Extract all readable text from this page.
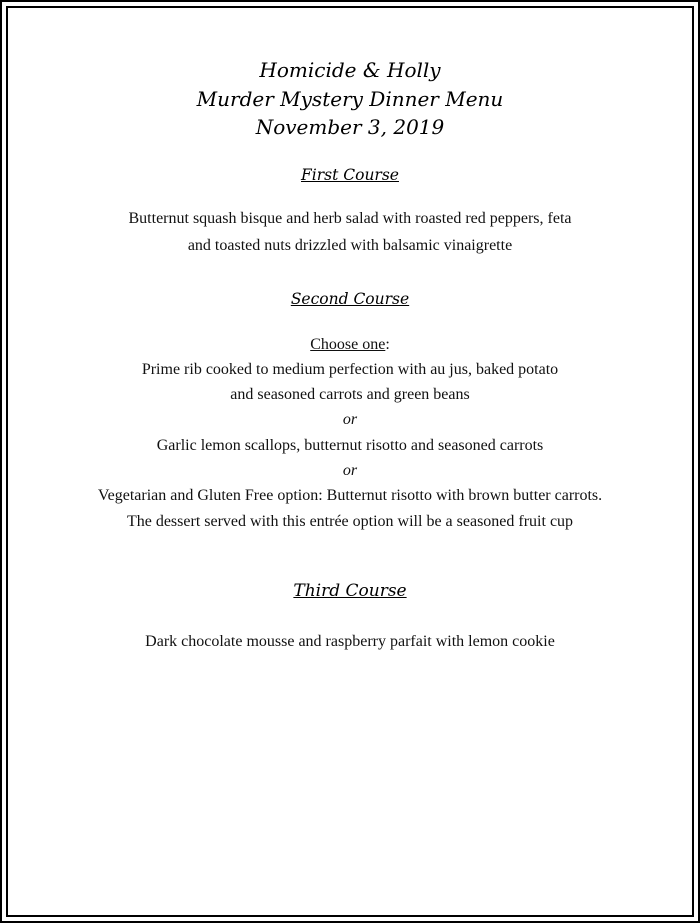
Homicide & Holly
Murder Mystery Dinner Menu
November 3, 2019
First Course
Butternut squash bisque and herb salad with roasted red peppers, feta
and toasted nuts drizzled with balsamic vinaigrette
Second Course
Choose one:
Prime rib cooked to medium perfection with au jus, baked potato
and seasoned carrots and green beans
or
Garlic lemon scallops, butternut risotto and seasoned carrots
or
Vegetarian and Gluten Free option: Butternut risotto with brown butter carrots.
The dessert served with this entrée option will be a seasoned fruit cup
Third Course
Dark chocolate mousse and raspberry parfait with lemon cookie
